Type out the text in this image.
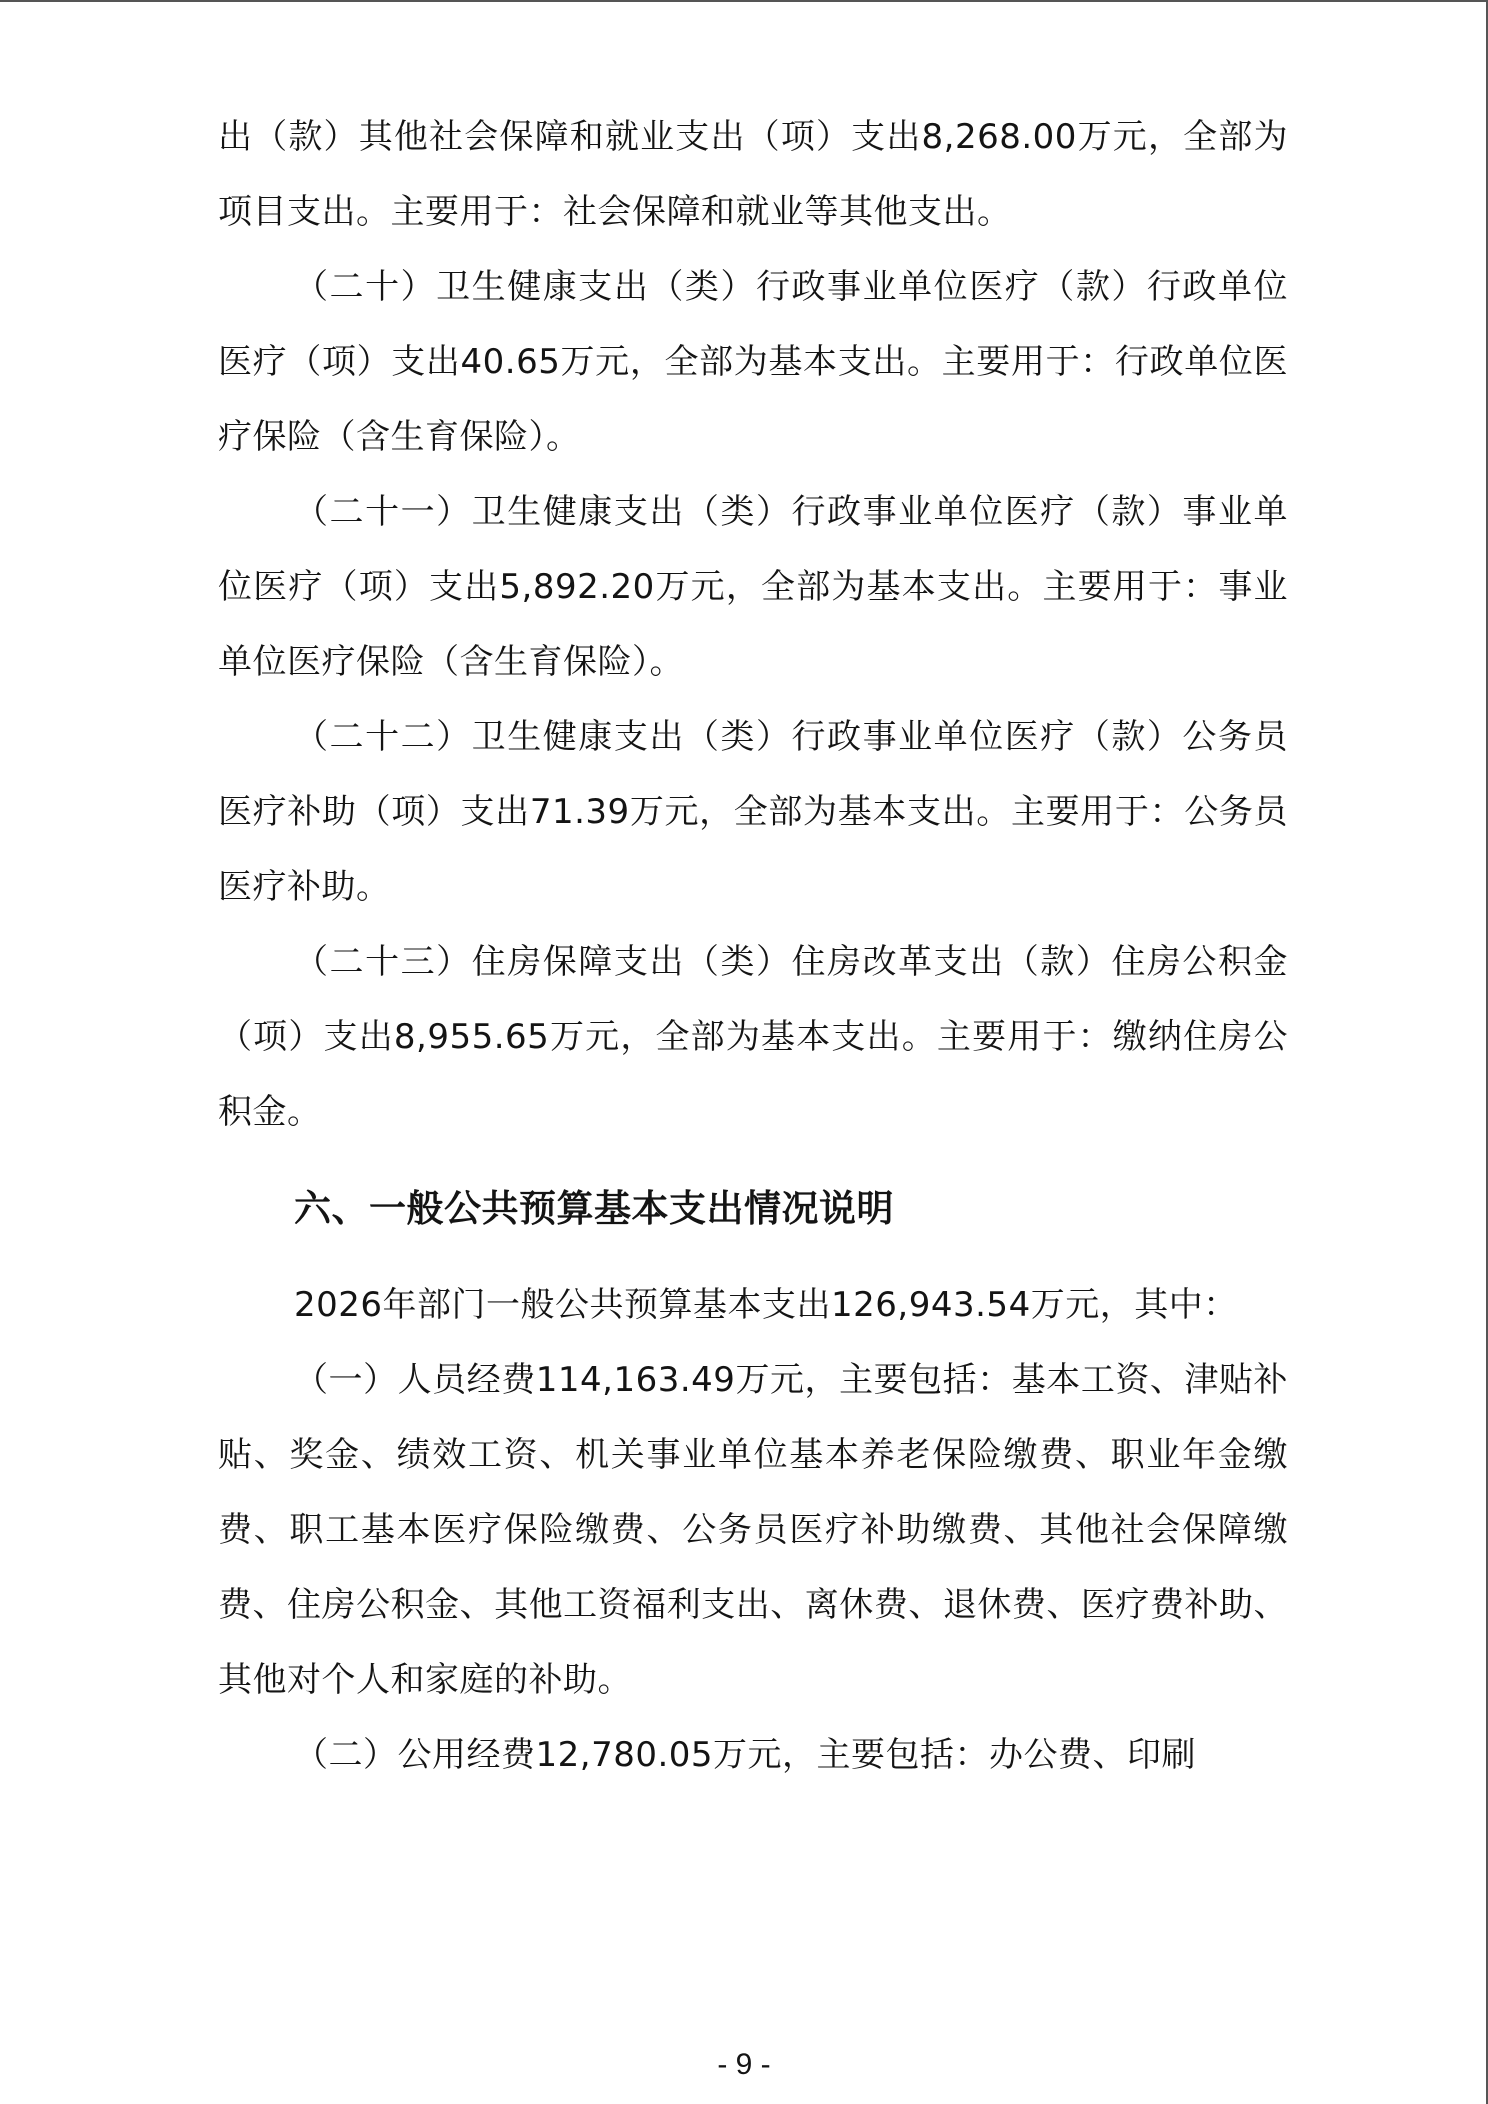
出（款）其他社会保障和就业支出（项）支出8,268.00万元，全部为项目支出。主要用于：社会保障和就业等其他支出。

（二十）卫生健康支出（类）行政事业单位医疗（款）行政单位医疗（项）支出40.65万元，全部为基本支出。主要用于：行政单位医疗保险（含生育保险）。

（二十一）卫生健康支出（类）行政事业单位医疗（款）事业单位医疗（项）支出5,892.20万元，全部为基本支出。主要用于：事业单位医疗保险（含生育保险）。

（二十二）卫生健康支出（类）行政事业单位医疗（款）公务员医疗补助（项）支出71.39万元，全部为基本支出。主要用于：公务员医疗补助。

（二十三）住房保障支出（类）住房改革支出（款）住房公积金（项）支出8,955.65万元，全部为基本支出。主要用于：缴纳住房公积金。

六、一般公共预算基本支出情况说明

2026年部门一般公共预算基本支出126,943.54万元，其中：

（一）人员经费114,163.49万元，主要包括：基本工资、津贴补贴、奖金、绩效工资、机关事业单位基本养老保险缴费、职业年金缴费、职工基本医疗保险缴费、公务员医疗补助缴费、其他社会保障缴费、住房公积金、其他工资福利支出、离休费、退休费、医疗费补助、其他对个人和家庭的补助。

（二）公用经费12,780.05万元，主要包括：办公费、印刷

- 9 -
